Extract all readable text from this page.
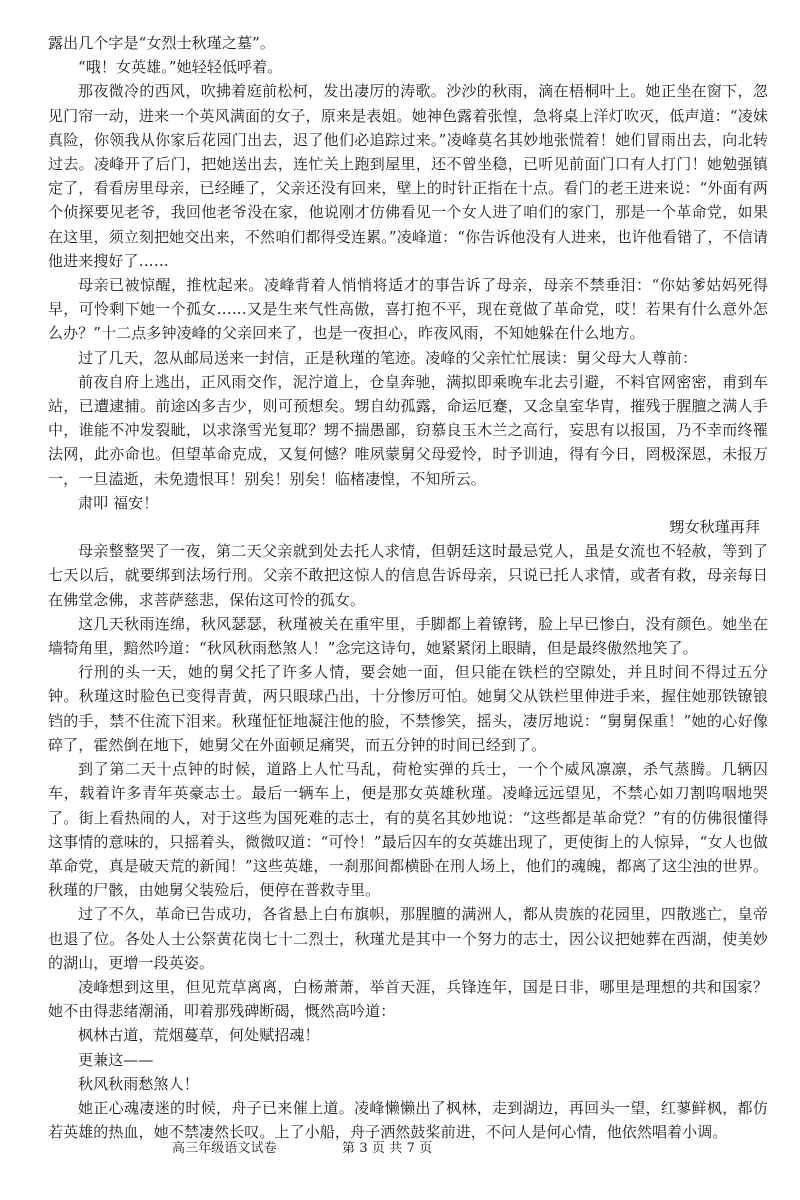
露出几个字是“女烈士秋瑾之墓”。

“哦！女英雄。”她轻轻低呼着。

那夜微冷的西风，吹拂着庭前松柯，发出凄厉的涛歌。沙沙的秋雨，滴在梧桐叶上。她正坐在窗下，忽见门帘一动，进来一个英风满面的女子，原来是表姐。她神色露着张惶，急将桌上洋灯吹灭，低声道：“凌妹真险，你领我从你家后花园门出去，迟了他们必追踪过来。”凌峰莫名其妙地张慌着！她们冒雨出去，向北转过去。凌峰开了后门，把她送出去，连忙关上跑到屋里，还不曾坐稳，已听见前面门口有人打门！她勉强镇定了，看看房里母亲，已经睡了，父亲还没有回来，壁上的时针正指在十点。看门的老王进来说：“外面有两个侦探要见老爷，我回他老爷没在家，他说刚才仿佛看见一个女人进了咱们的家门，那是一个革命党，如果在这里，须立刻把她交出来，不然咱们都得受连累。”凌峰道：“你告诉他没有人进来，也许他看错了，不信请他进来搜好了……

母亲已被惊醒，推枕起来。凌峰背着人悄悄将适才的事告诉了母亲，母亲不禁垂泪：“你姑爹姑妈死得早，可怜剩下她一个孤女……又是生来气性高傲，喜打抱不平，现在竟做了革命党，哎！若果有什么意外怎么办？”十二点多钟凌峰的父亲回来了，也是一夜担心，昨夜风雨，不知她躲在什么地方。

过了几天，忽从邮局送来一封信，正是秋瑾的笔迹。凌峰的父亲忙忙展读：舅父母大人尊前：

前夜自府上逃出，正风雨交作，泥泞道上，仓皇奔驰，满拟即乘晚车北去引避，不料官网密密，甫到车站，已遭逮捕。前途凶多吉少，则可预想矣。甥自幼孤露，命运厄蹇，又念皇室华胄，摧残于腥膻之满人手中，谁能不冲发裂眦，以求涤雪光复耶？甥不揣愚鄙，窃慕良玉木兰之高行，妄思有以报国，乃不幸而终罹法网，此亦命也。但望革命克成，又复何憾？唯夙蒙舅父母爱怜，时予训迪，得有今日，罔极深恩，未报万一，一旦溘逝，未免遗恨耳！别矣！别矣！临楮凄惶，不知所云。

肃叩 福安！

甥女秋瑾再拜

母亲整整哭了一夜，第二天父亲就到处去托人求情，但朝廷这时最忌党人，虽是女流也不轻赦，等到了七天以后，就要绑到法场行刑。父亲不敢把这惊人的信息告诉母亲，只说已托人求情，或者有救，母亲每日在佛堂念佛，求菩萨慈悲，保佑这可怜的孤女。

这几天秋雨连绵，秋风瑟瑟，秋瑾被关在重牢里，手脚都上着镣铐，脸上早已惨白，没有颜色。她坐在墙犄角里，黯然吟道：“秋风秋雨愁煞人！”念完这诗句，她紧紧闭上眼睛，但是最终傲然地笑了。

行刑的头一天，她的舅父托了许多人情，要会她一面，但只能在铁栏的空隙处，并且时间不得过五分钟。秋瑾这时脸色已变得青黄，两只眼球凸出，十分惨厉可怕。她舅父从铁栏里伸进手来，握住她那铁镣锒铛的手，禁不住流下泪来。秋瑾怔怔地凝注他的脸，不禁惨笑，摇头，凄厉地说：“舅舅保重！”她的心好像碎了，霍然倒在地下，她舅父在外面顿足痛哭，而五分钟的时间已经到了。

到了第二天十点钟的时候，道路上人忙马乱，荷枪实弹的兵士，一个个威风凛凛，杀气蒸腾。几辆囚车，载着许多青年英豪志士。最后一辆车上，便是那女英雄秋瑾。凌峰远远望见，不禁心如刀割呜咽地哭了。街上看热闹的人，对于这些为国死难的志士，有的莫名其妙地说：“这些都是革命党？”有的仿佛很懂得这事情的意味的，只摇着头，微微叹道：“可怜！”最后囚车的女英雄出现了，更使街上的人惊异，“女人也做革命党，真是破天荒的新闻！”这些英雄，一刹那间都横卧在刑人场上，他们的魂魄，都离了这尘浊的世界。秋瑾的尸骸，由她舅父装殓后，便停在普救寺里。

过了不久，革命已告成功，各省悬上白布旗帜，那腥膻的满洲人，都从贵族的花园里，四散逃亡，皇帝也退了位。各处人士公祭黄花岗七十二烈士，秋瑾尤是其中一个努力的志士，因公议把她葬在西湖，使美妙的湖山，更增一段英姿。

凌峰想到这里，但见荒草离离，白杨萧萧，举首天涯，兵锋连年，国是日非，哪里是理想的共和国家？她不由得悲绪潮涌，叩着那残碑断碣，慨然高吟道：

枫林古道，荒烟蔓草，何处赋招魂！

更兼这——

秋风秋雨愁煞人！

她正心魂凄迷的时候，舟子已来催上道。凌峰懒懒出了枫林，走到湖边，再回头一望，红蓼鲜枫，都仿若英雄的热血，她不禁凄然长叹。上了小船，舟子洒然鼓桨前进，不问人是何心情，他依然唱着小调。

高三年级语文试卷	第 3 页 共 7 页
